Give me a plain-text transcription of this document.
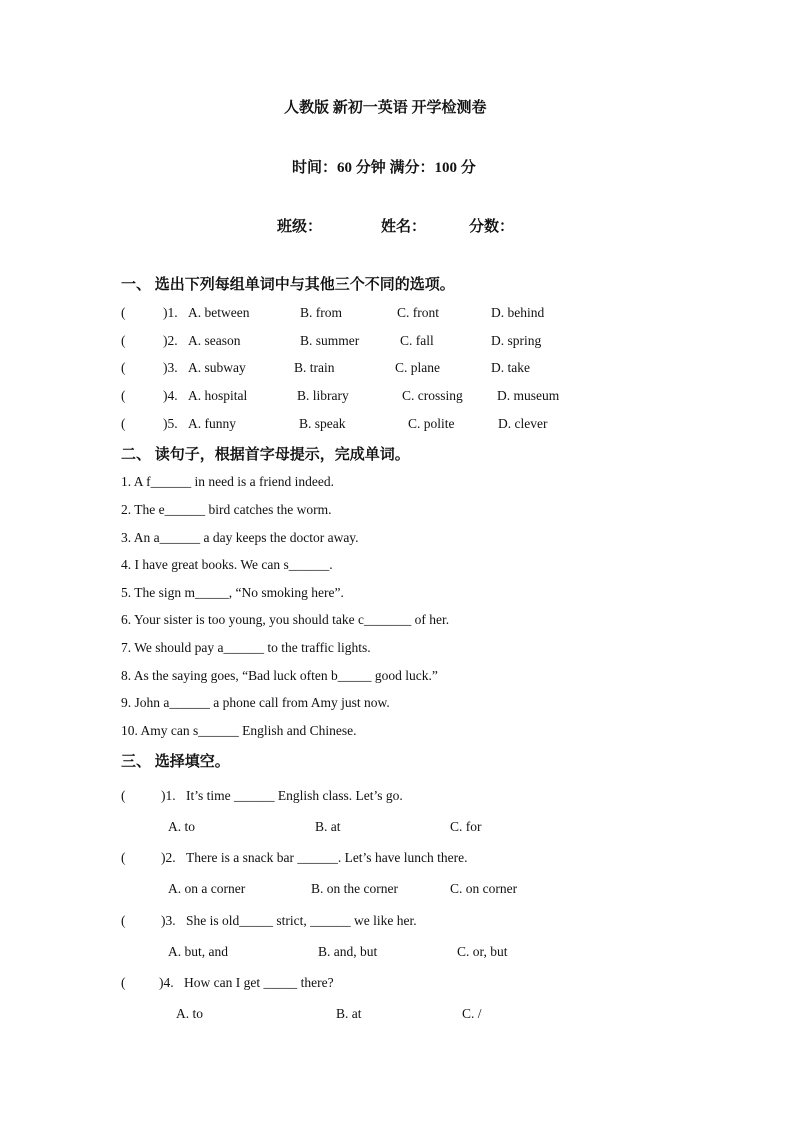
人教版 新初一英语 开学检测卷
时间：60 分钟 满分：100 分
班级：	姓名：	分数：
一、 选出下列每组单词中与其他三个不同的选项。
(	)1. A. between	B. from	C. front	D. behind
(	)2. A. season	B. summer	C. fall	D. spring
(	)3. A. subway	B. train	C. plane	D. take
(	)4. A. hospital	B. library	C. crossing	D. museum
(	)5. A. funny	B. speak	C. polite	D. clever
二、 读句子，根据首字母提示，完成单词。
1. A f______ in need is a friend indeed.
2. The e______ bird catches the worm.
3. An a______ a day keeps the doctor away.
4. I have great books. We can s______.
5. The sign m_____, “No smoking here”.
6. Your sister is too young, you should take c_______ of her.
7. We should pay a______ to the traffic lights.
8. As the saying goes, “Bad luck often b_____ good luck.”
9. John a______ a phone call from Amy just now.
10. Amy can s______ English and Chinese.
三、 选择填空。
(	)1. It’s time ______ English class. Let’s go.
A. to	B. at	C. for
(	)2. There is a snack bar ______. Let’s have lunch there.
A. on a corner	B. on the corner	C. on corner
(	)3. She is old_____ strict, ______ we like her.
A. but, and	B. and, but	C. or, but
( )4. How can I get _____ there?
A. to	B. at	C. /
